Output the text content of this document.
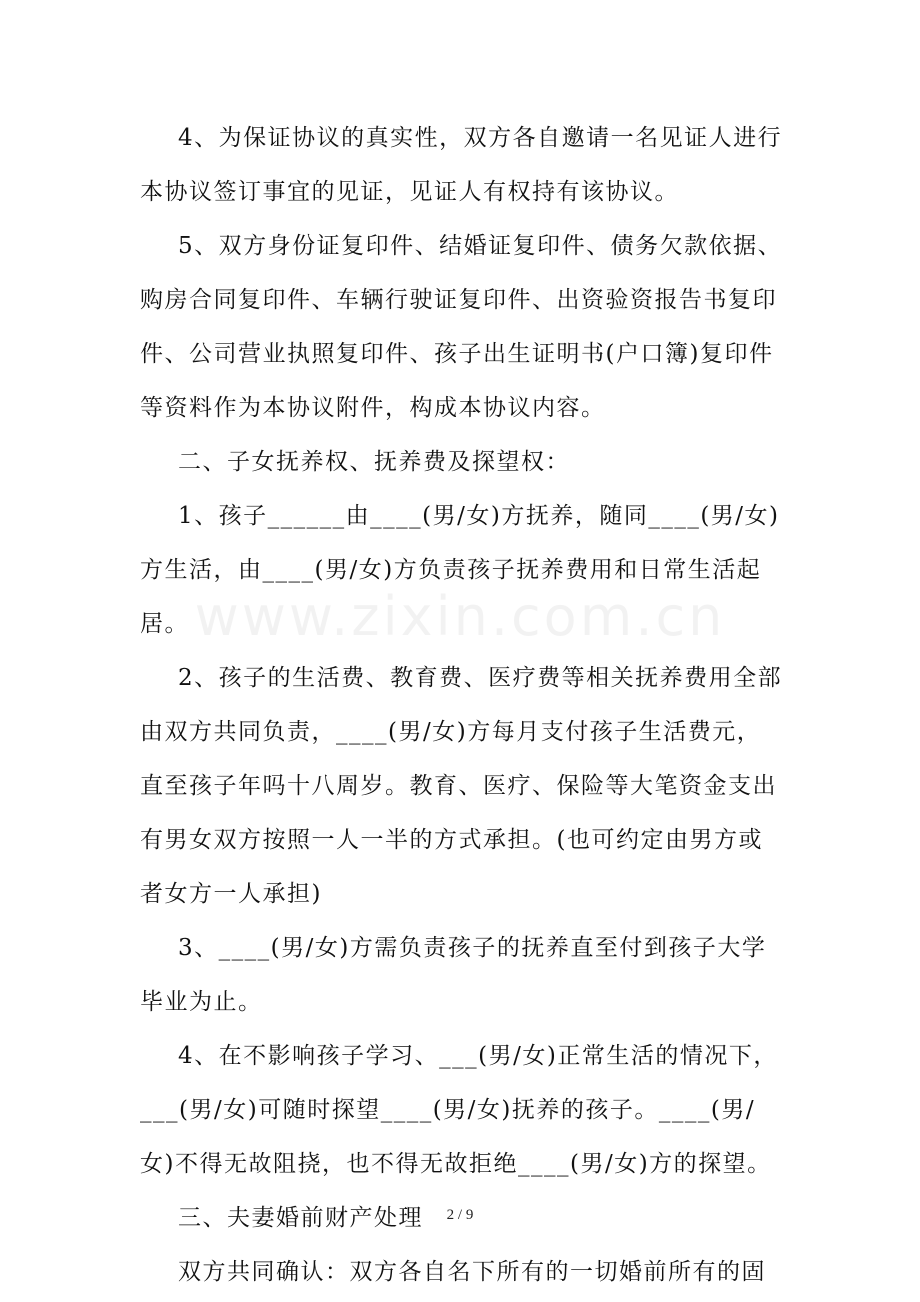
www.zixin.com.cn

4、为保证协议的真实性，双方各自邀请一名见证人进行本协议签订事宜的见证，见证人有权持有该协议。

5、双方身份证复印件、结婚证复印件、债务欠款依据、购房合同复印件、车辆行驶证复印件、出资验资报告书复印件、公司营业执照复印件、孩子出生证明书(户口簿)复印件等资料作为本协议附件，构成本协议内容。

二、子女抚养权、抚养费及探望权：

1、孩子______由____(男/女)方抚养，随同____(男/女)方生活，由____(男/女)方负责孩子抚养费用和日常生活起居。

2、孩子的生活费、教育费、医疗费等相关抚养费用全部由双方共同负责，____(男/女)方每月支付孩子生活费元，直至孩子年吗十八周岁。教育、医疗、保险等大笔资金支出有男女双方按照一人一半的方式承担。(也可约定由男方或者女方一人承担)

3、____(男/女)方需负责孩子的抚养直至付到孩子大学毕业为止。

4、在不影响孩子学习、___(男/女)正常生活的情况下，___(男/女)可随时探望____(男/女)抚养的孩子。____(男/女)不得无故阻挠，也不得无故拒绝____(男/女)方的探望。

三、夫妻婚前财产处理

双方共同确认：双方各自名下所有的一切婚前所有的固

2 / 9
